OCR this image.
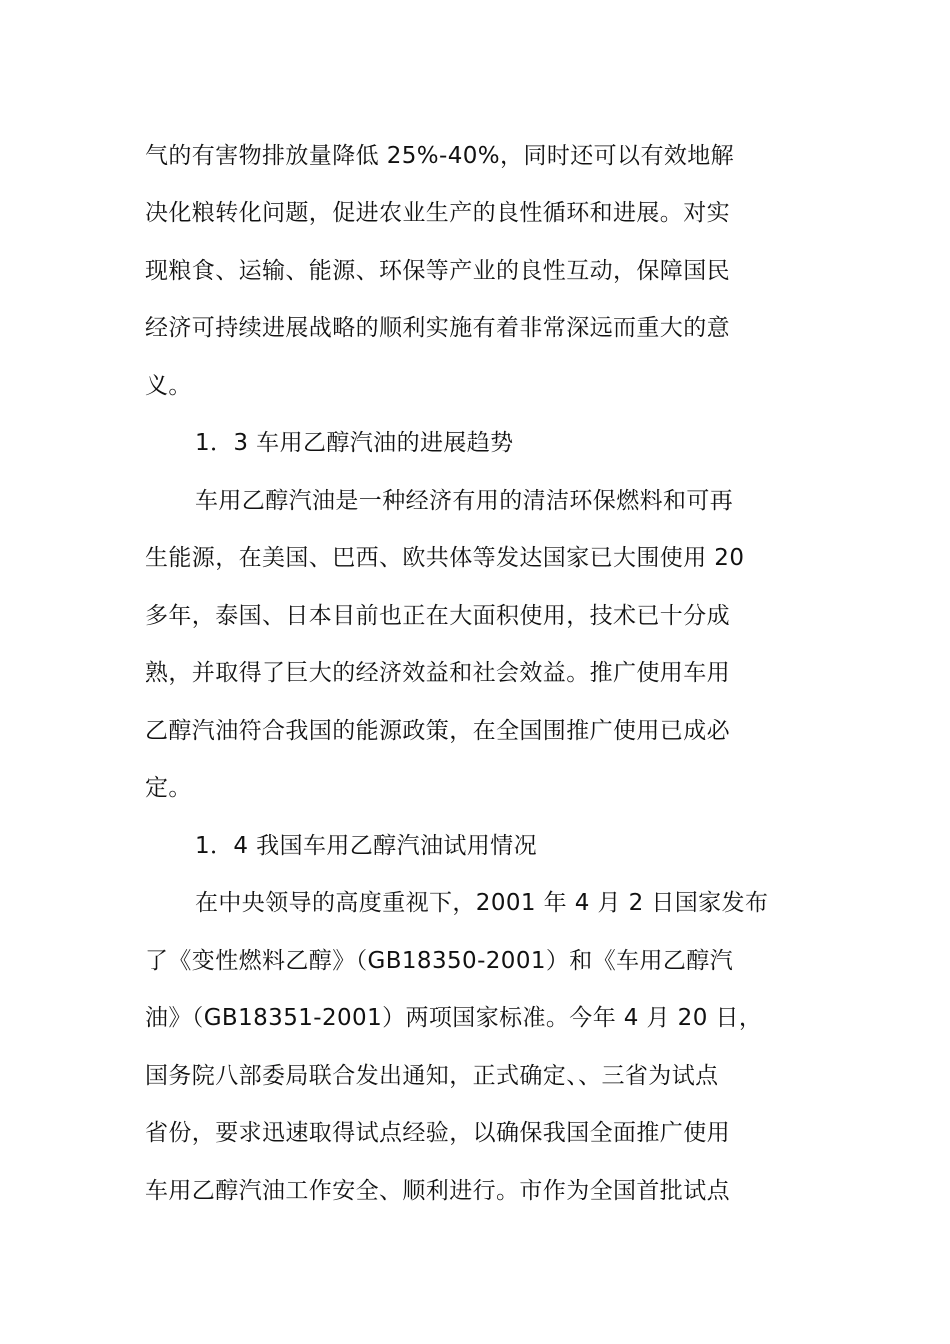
气的有害物排放量降低 25%-40%，同时还可以有效地解
决化粮转化问题，促进农业生产的良性循环和进展。对实
现粮食、运输、能源、环保等产业的良性互动，保障国民
经济可持续进展战略的顺利实施有着非常深远而重大的意
义。
1．3 车用乙醇汽油的进展趋势
车用乙醇汽油是一种经济有用的清洁环保燃料和可再
生能源，在美国、巴西、欧共体等发达国家已大围使用 20
多年，泰国、日本目前也正在大面积使用，技术已十分成
熟，并取得了巨大的经济效益和社会效益。推广使用车用
乙醇汽油符合我国的能源政策，在全国围推广使用已成必
定。
1．4 我国车用乙醇汽油试用情况
在中央领导的高度重视下，2001 年 4 月 2 日国家发布
了《变性燃料乙醇》（GB18350-2001）和《车用乙醇汽
油》（GB18351-2001）两项国家标准。今年 4 月 20 日，
国务院八部委局联合发出通知，正式确定、、三省为试点
省份，要求迅速取得试点经验，以确保我国全面推广使用
车用乙醇汽油工作安全、顺利进行。市作为全国首批试点
